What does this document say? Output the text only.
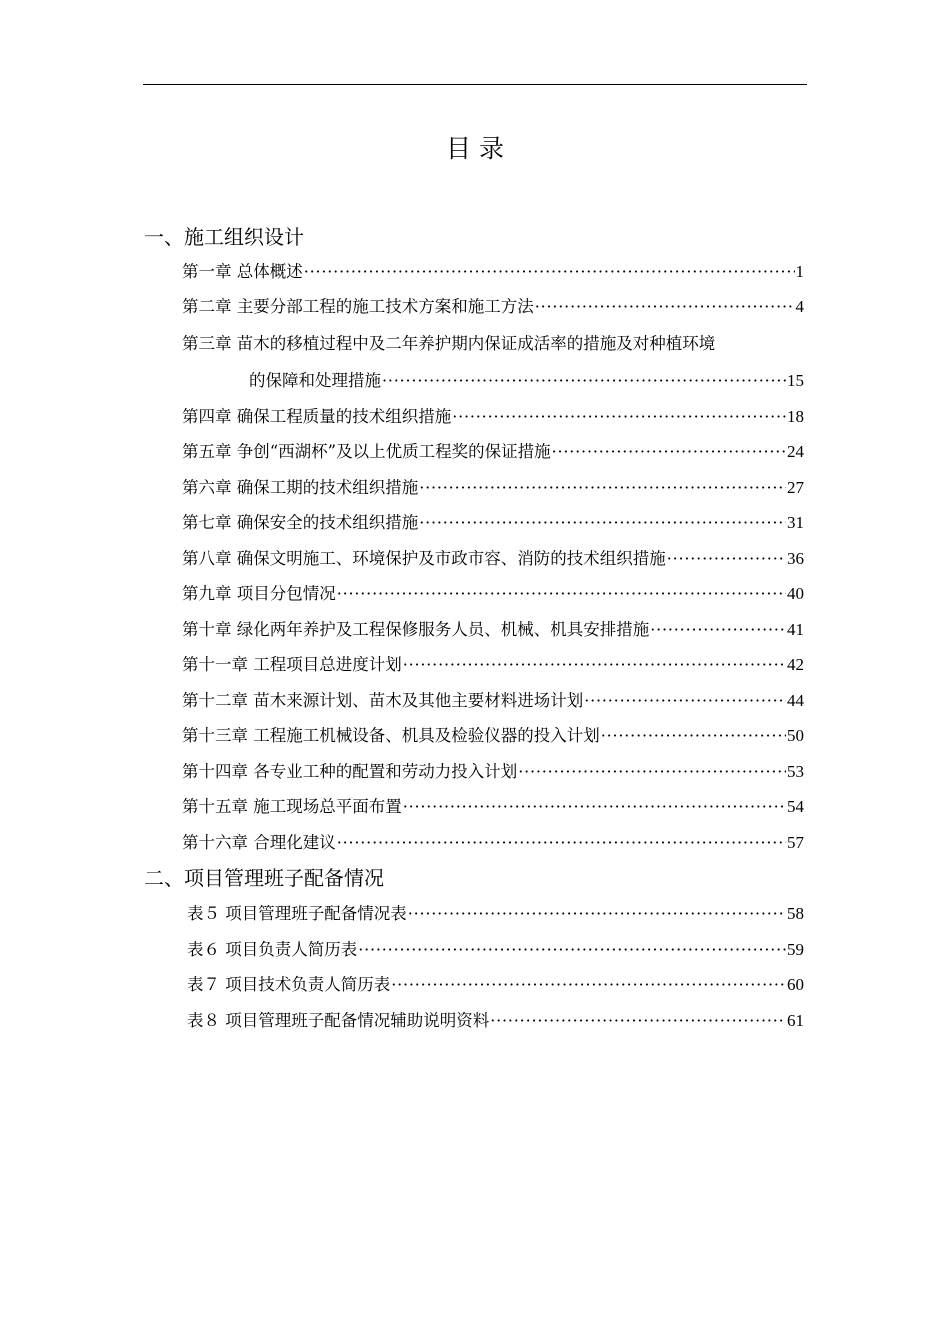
目 录
一、施工组织设计
第一章 总体概述 ·····	1
第二章 主要分部工程的施工技术方案和施工方法 ·····	4
第三章 苗木的移植过程中及二年养护期内保证成活率的措施及对种植环境
的保障和处理措施 ·····	15
第四章 确保工程质量的技术组织措施 ·····	18
第五章 争创“西湖杯”及以上优质工程奖的保证措施 ·····	24
第六章 确保工期的技术组织措施 ·····	27
第七章 确保安全的技术组织措施 ·····	31
第八章 确保文明施工、环境保护及市政市容、消防的技术组织措施 ·····	36
第九章 项目分包情况 ·····	40
第十章 绿化两年养护及工程保修服务人员、机械、机具安排措施 ·····	41
第十一章 工程项目总进度计划 ·····	42
第十二章 苗木来源计划、苗木及其他主要材料进场计划 ·····	44
第十三章 工程施工机械设备、机具及检验仪器的投入计划 ·····	50
第十四章 各专业工种的配置和劳动力投入计划 ·····	53
第十五章 施工现场总平面布置 ·····	54
第十六章 合理化建议 ·····	57
二、项目管理班子配备情况
表５ 项目管理班子配备情况表 ·····	58
表６ 项目负责人简历表 ·····	59
表７ 项目技术负责人简历表 ·····	60
表８ 项目管理班子配备情况辅助说明资料 ·····	61
